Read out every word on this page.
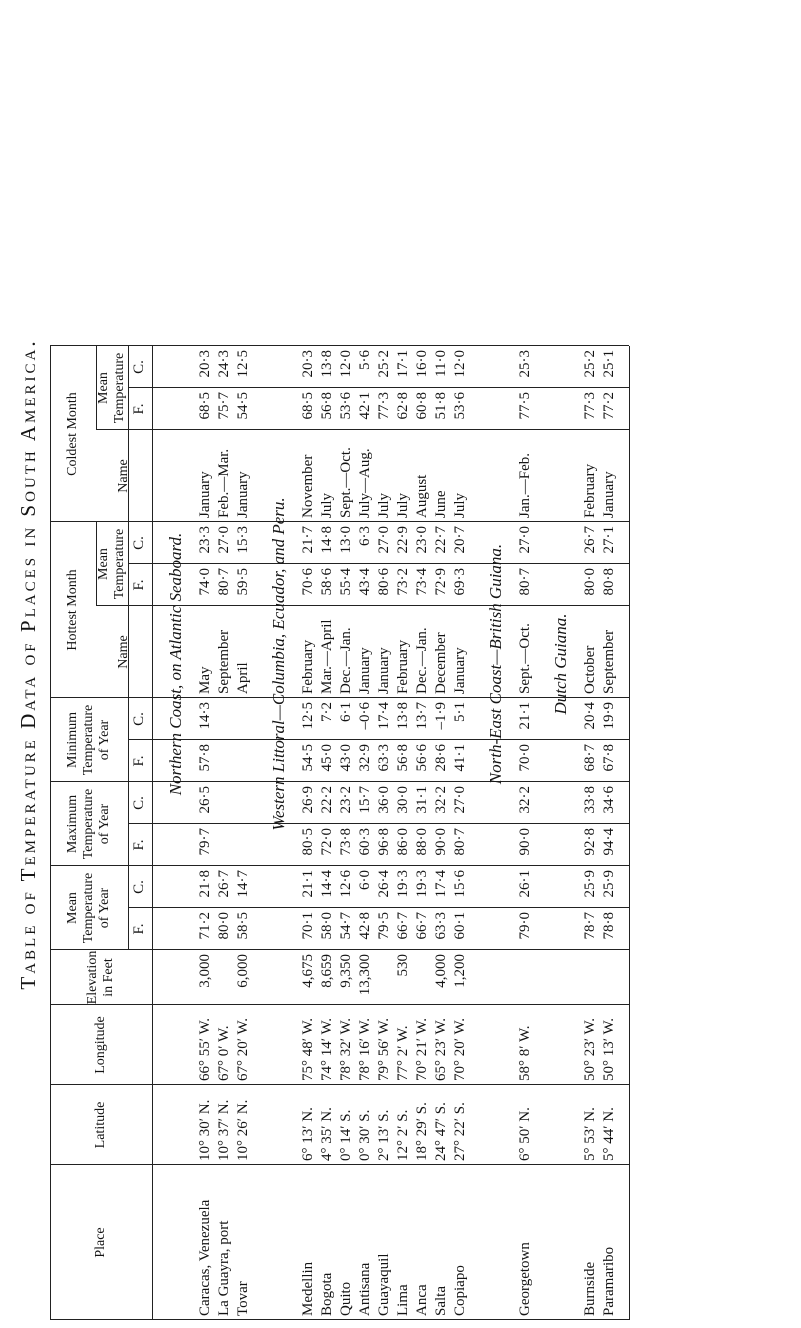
Table of Temperature Data of Places in South America.
Place
Latitude
Longitude
Elevation in Feet
Mean Temperature of Year
Maximum Temperature of Year
Minimum Temperature of Year
Hottest Month
Coldest Month
Name
Mean Temperature
Name
Mean Temperature
F.
C.
F.
C.
F.
C.
F.
C.
F.
C.
Northern Coast, on Atlantic Seaboard.
Caracas, Venezuela
10° 30′ N.
66° 55′ W.
3,000
71·2
21·8
79·7
26·5
57·8
14·3
May
74·0
23·3
January
68·5
20·3
La Guayra, port
10° 37′ N.
67° 0′ W.
80·0
26·7
September
80·7
27·0
Feb.—Mar.
75·7
24·3
Tovar
10° 26′ N.
67° 20′ W.
6,000
58·5
14·7
April
59·5
15·3
January
54·5
12·5
Western Littoral—Columbia, Ecuador, and Peru.
Medellin
6° 13′ N.
75° 48′ W.
4,675
70·1
21·1
80·5
26·9
54·5
12·5
February
70·6
21·7
November
68·5
20·3
Bogota
4° 35′ N.
74° 14′ W.
8,659
58·0
14·4
72·0
22·2
45·0
7·2
Mar.—April
58·6
14·8
July
56·8
13·8
Quito
0° 14′ S.
78° 32′ W.
9,350
54·7
12·6
73·8
23·2
43·0
6·1
Dec.—Jan.
55·4
13·0
Sept.—Oct.
53·6
12·0
Antisana
0° 30′ S.
78° 16′ W.
13,300
42·8
6·0
60·3
15·7
32·9
–0·6
January
43·4
6·3
July—Aug.
42·1
5·6
Guayaquil
2° 13′ S.
79° 56′ W.
79·5
26·4
96·8
36·0
63·3
17·4
January
80·6
27·0
July
77·3
25·2
Lima
12° 2′ S.
77° 2′ W.
530
66·7
19·3
86·0
30·0
56·8
13·8
February
73·2
22·9
July
62·8
17·1
Anca
18° 29′ S.
70° 21′ W.
66·7
19·3
88·0
31·1
56·6
13·7
Dec.—Jan.
73·4
23·0
August
60·8
16·0
Salta
24° 47′ S.
65° 23′ W.
4,000
63·3
17·4
90·0
32·2
28·6
–1·9
December
72·9
22·7
June
51·8
11·0
Copiapo
27° 22′ S.
70° 20′ W.
1,200
60·1
15·6
80·7
27·0
41·1
5·1
January
69·3
20·7
July
53·6
12·0
North-East Coast—British Guiana.
Georgetown
6° 50′ N.
58° 8′ W.
79·0
26·1
90·0
32·2
70·0
21·1
Sept.—Oct.
80·7
27·0
Jan.—Feb.
77·5
25·3
Dutch Guiana.
Burnside
5° 53′ N.
50° 23′ W.
78·7
25·9
92·8
33·8
68·7
20·4
October
80·0
26·7
February
77·3
25·2
Paramaribo
5° 44′ N.
50° 13′ W.
78·8
25·9
94·4
34·6
67·8
19·9
September
80·8
27·1
January
77·2
25·1
